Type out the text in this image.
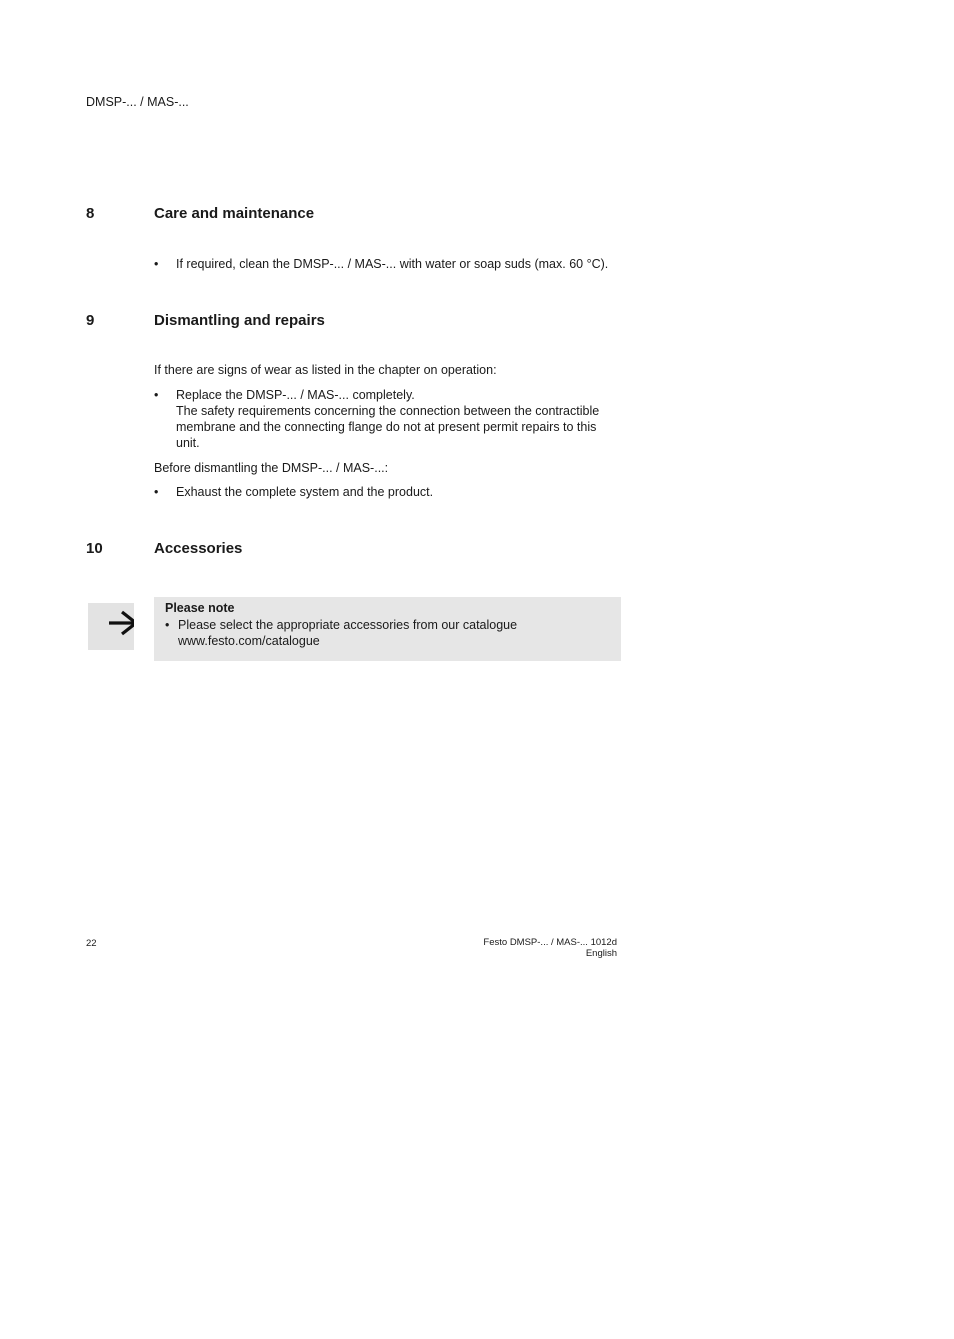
DMSP-... / MAS-...
8	Care and maintenance
•	If required, clean the DMSP-... / MAS-... with water or soap suds (max. 60 °C).
9	Dismantling and repairs
If there are signs of wear as listed in the chapter on operation:
•	Replace the DMSP-... / MAS-... completely.
The safety requirements concerning the connection between the contractible membrane and the connecting flange do not at present permit repairs to this unit.
Before dismantling the DMSP-... / MAS-...:
•	Exhaust the complete system and the product.
10	Accessories
Please note
• Please select the appropriate accessories from our catalogue
www.festo.com/catalogue
22	Festo DMSP-... / MAS-... 1012d English
